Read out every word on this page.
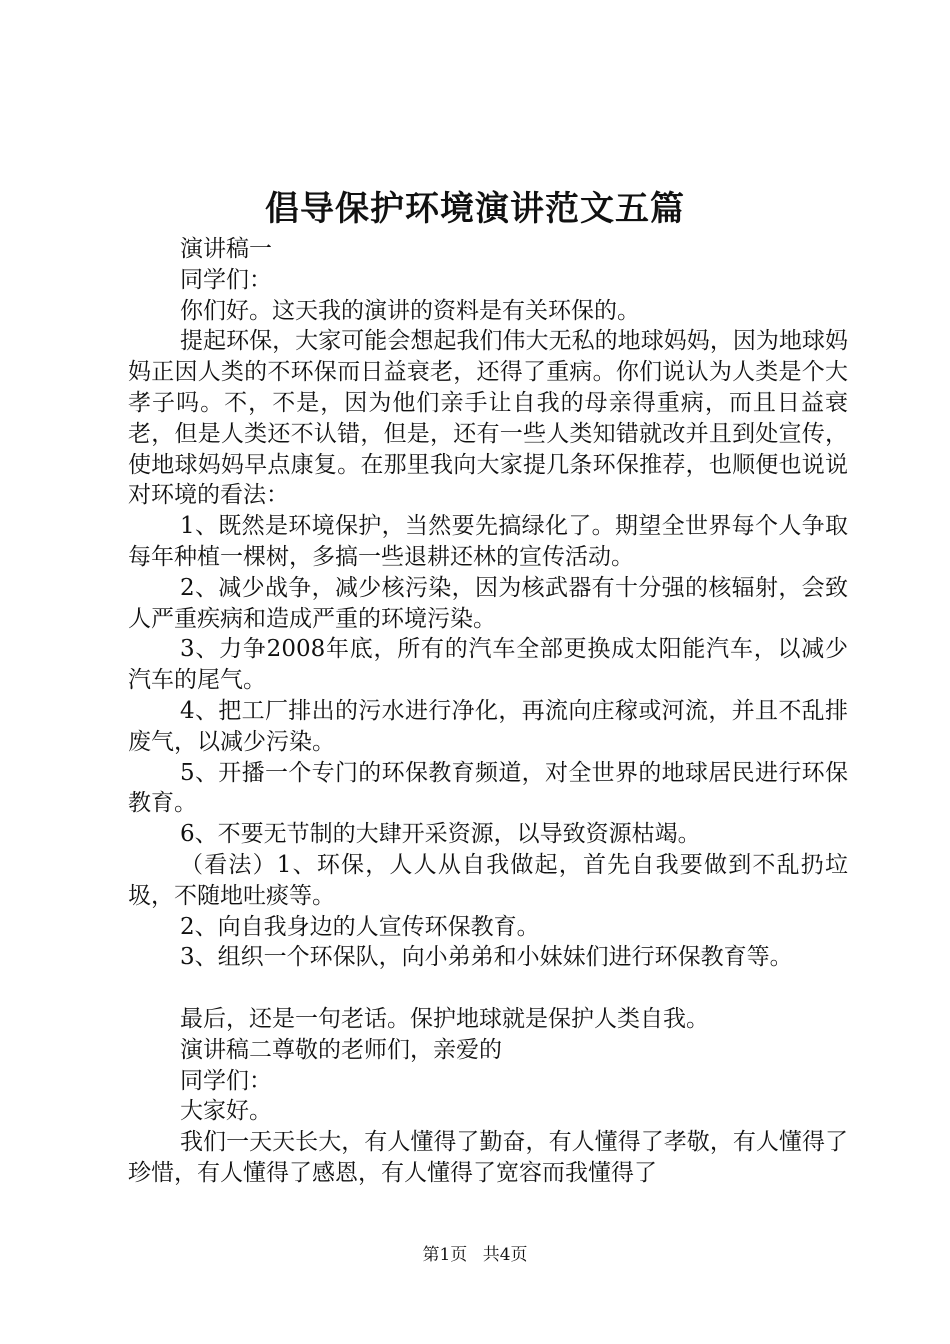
倡导保护环境演讲范文五篇

演讲稿一

同学们：

你们好。这天我的演讲的资料是有关环保的。

提起环保，大家可能会想起我们伟大无私的地球妈妈，因为地球妈妈正因人类的不环保而日益衰老，还得了重病。你们说认为人类是个大孝子吗。不，不是，因为他们亲手让自我的母亲得重病，而且日益衰老，但是人类还不认错，但是，还有一些人类知错就改并且到处宣传，使地球妈妈早点康复。在那里我向大家提几条环保推荐，也顺便也说说对环境的看法：

1、既然是环境保护，当然要先搞绿化了。期望全世界每个人争取每年种植一棵树，多搞一些退耕还林的宣传活动。

2、减少战争，减少核污染，因为核武器有十分强的核辐射，会致人严重疾病和造成严重的环境污染。

3、力争2008年底，所有的汽车全部更换成太阳能汽车，以减少汽车的尾气。

4、把工厂排出的污水进行净化，再流向庄稼或河流，并且不乱排废气，以减少污染。

5、开播一个专门的环保教育频道，对全世界的地球居民进行环保教育。

6、不要无节制的大肆开采资源，以导致资源枯竭。

（看法）1、环保，人人从自我做起，首先自我要做到不乱扔垃圾，不随地吐痰等。

2、向自我身边的人宣传环保教育。

3、组织一个环保队，向小弟弟和小妹妹们进行环保教育等。

最后，还是一句老话。保护地球就是保护人类自我。

演讲稿二尊敬的老师们，亲爱的

同学们：

大家好。

我们一天天长大，有人懂得了勤奋，有人懂得了孝敬，有人懂得了珍惜，有人懂得了感恩，有人懂得了宽容而我懂得了

第1页 共4页
